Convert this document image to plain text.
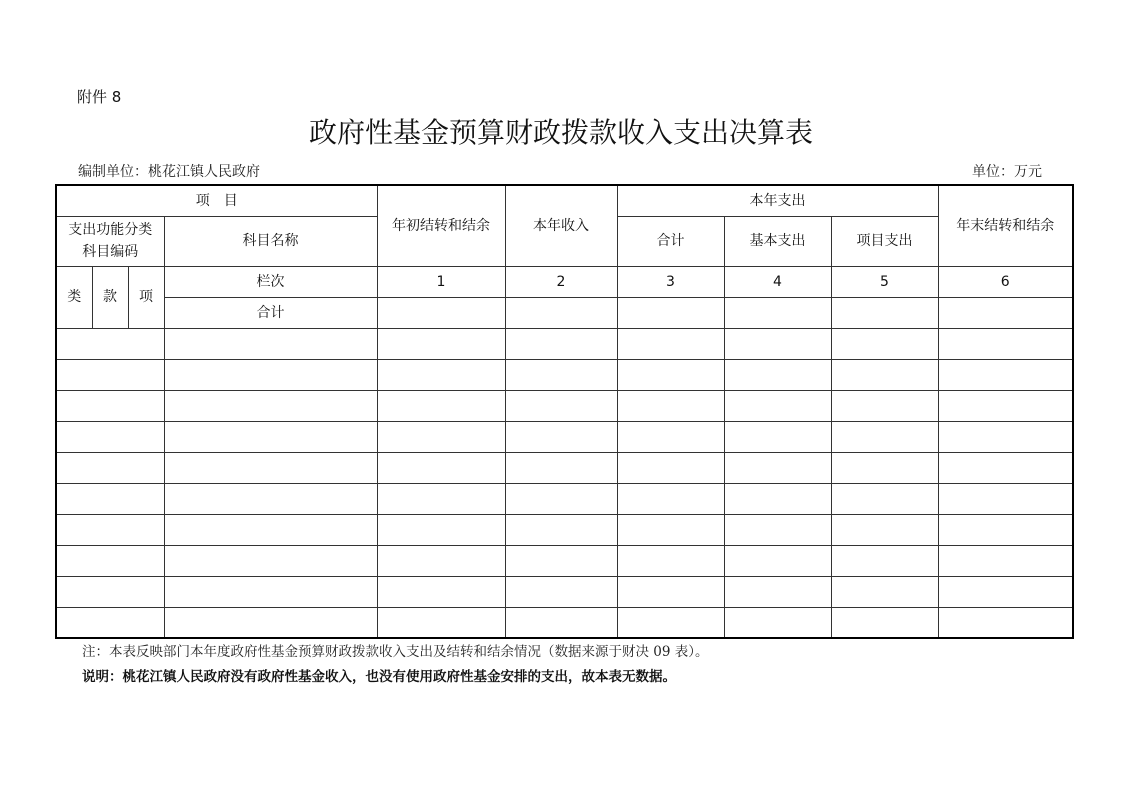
附件 8
政府性基金预算财政拨款收入支出决算表
编制单位：桃花江镇人民政府	单位：万元
项　目				年初结转和结余	本年收入	本年支出			年末结转和结余
支出功能分类科目编码			科目名称			合计	基本支出	项目支出	

类	款	项	栏次	1	2	3	4	5	6
			合计						

注：本表反映部门本年度政府性基金预算财政拨款收入支出及结转和结余情况（数据来源于财决 09 表）。
说明：桃花江镇人民政府没有政府性基金收入，也没有使用政府性基金安排的支出，故本表无数据。
